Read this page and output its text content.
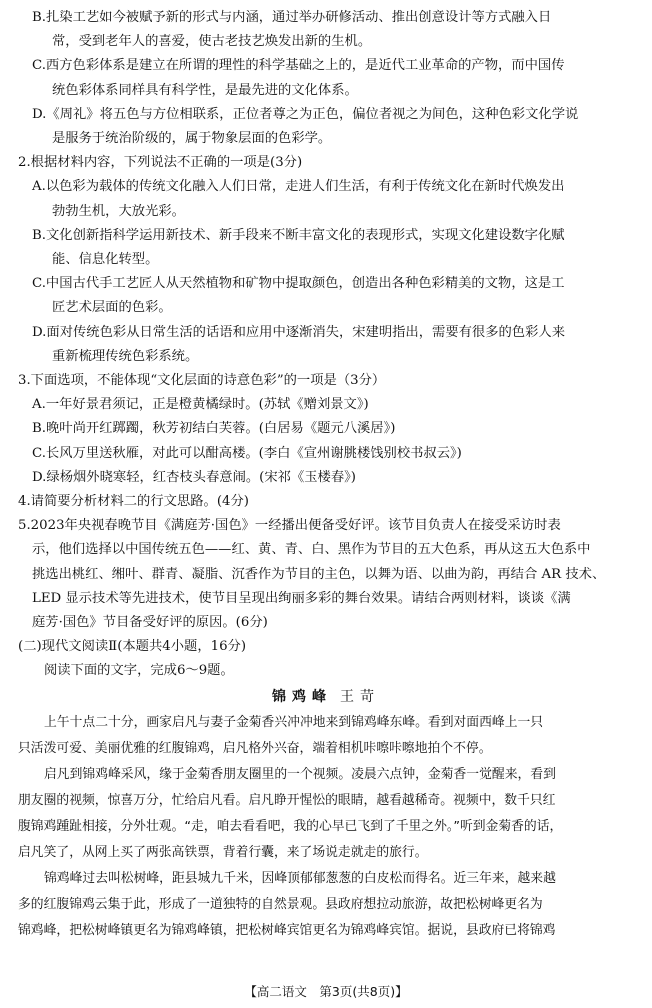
B.扎染工艺如今被赋予新的形式与内涵，通过举办研修活动、推出创意设计等方式融入日
常，受到老年人的喜爱，使古老技艺焕发出新的生机。
C.西方色彩体系是建立在所谓的理性的科学基础之上的，是近代工业革命的产物，而中国传
统色彩体系同样具有科学性，是最先进的文化体系。
D.《周礼》将五色与方位相联系，正位者尊之为正色，偏位者视之为间色，这种色彩文化学说
是服务于统治阶级的，属于物象层面的色彩学。
2.根据材料内容，下列说法不正确的一项是(3分)
A.以色彩为载体的传统文化融入人们日常，走进人们生活，有利于传统文化在新时代焕发出
勃勃生机，大放光彩。
B.文化创新指科学运用新技术、新手段来不断丰富文化的表现形式，实现文化建设数字化赋
能、信息化转型。
C.中国古代手工艺匠人从天然植物和矿物中提取颜色，创造出各种色彩精美的文物，这是工
匠艺术层面的色彩。
D.面对传统色彩从日常生活的话语和应用中逐渐消失，宋建明指出，需要有很多的色彩人来
重新梳理传统色彩系统。
3.下面选项，不能体现“文化层面的诗意色彩”的一项是（3分）
A.一年好景君须记，正是橙黄橘绿时。(苏轼《赠刘景文》)
B.晚叶尚开红踯躅，秋芳初结白芙蓉。(白居易《题元八溪居》)
C.长风万里送秋雁，对此可以酣高楼。(李白《宣州谢朓楼饯别校书叔云》)
D.绿杨烟外晓寒轻，红杏枝头春意闹。(宋祁《玉楼春》)
4.请简要分析材料二的行文思路。(4分)
5.2023年央视春晚节目《满庭芳·国色》一经播出便备受好评。该节目负责人在接受采访时表
示，他们选择以中国传统五色——红、黄、青、白、黑作为节目的五大色系，再从这五大色系中
挑选出桃红、缃叶、群青、凝脂、沉香作为节目的主色，以舞为语、以曲为韵，再结合 AR 技术、
LED 显示技术等先进技术，使节目呈现出绚丽多彩的舞台效果。请结合两则材料，谈谈《满
庭芳·国色》节目备受好评的原因。(6分)
(二)现代文阅读Ⅱ(本题共4小题，16分)
阅读下面的文字，完成6～9题。
锦鸡峰 王苛
上午十点二十分，画家启凡与妻子金菊香兴冲冲地来到锦鸡峰东峰。看到对面西峰上一只
只活泼可爱、美丽优雅的红腹锦鸡，启凡格外兴奋，端着相机咔嚓咔嚓地拍个不停。
启凡到锦鸡峰采风，缘于金菊香朋友圈里的一个视频。凌晨六点钟，金菊香一觉醒来，看到
朋友圈的视频，惊喜万分，忙给启凡看。启凡睁开惺忪的眼睛，越看越稀奇。视频中，数千只红
腹锦鸡踵趾相接，分外壮观。“走，咱去看看吧，我的心早已飞到了千里之外。”听到金菊香的话，
启凡笑了，从网上买了两张高铁票，背着行囊，来了场说走就走的旅行。
锦鸡峰过去叫松树峰，距县城九千米，因峰顶郁郁葱葱的白皮松而得名。近三年来，越来越
多的红腹锦鸡云集于此，形成了一道独特的自然景观。县政府想拉动旅游，故把松树峰更名为
锦鸡峰，把松树峰镇更名为锦鸡峰镇，把松树峰宾馆更名为锦鸡峰宾馆。据说，县政府已将锦鸡
【高二语文　第3页(共8页)】
